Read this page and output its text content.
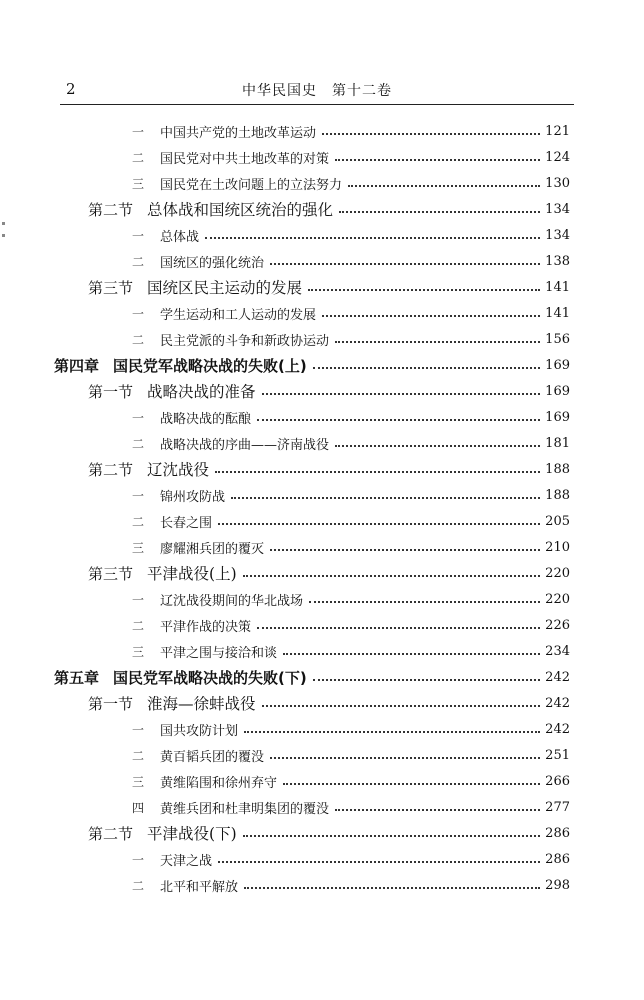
2	中华民国史　第十二卷
一 中国共产党的土地改革运动	121
二 国民党对中共土地改革的对策	124
三 国民党在土改问题上的立法努力	130
第二节 总体战和国统区统治的强化	134
一 总体战	134
二 国统区的强化统治	138
第三节 国统区民主运动的发展	141
一 学生运动和工人运动的发展	141
二 民主党派的斗争和新政协运动	156
第四章 国民党军战略决战的失败(上)	169
第一节 战略决战的准备	169
一 战略决战的酝酿	169
二 战略决战的序曲——济南战役	181
第二节 辽沈战役	188
一 锦州攻防战	188
二 长春之围	205
三 廖耀湘兵团的覆灭	210
第三节 平津战役(上)	220
一 辽沈战役期间的华北战场	220
二 平津作战的决策	226
三 平津之围与接洽和谈	234
第五章 国民党军战略决战的失败(下)	242
第一节 淮海—徐蚌战役	242
一 国共攻防计划	242
二 黄百韬兵团的覆没	251
三 黄维陷围和徐州弃守	266
四 黄维兵团和杜聿明集团的覆没	277
第二节 平津战役(下)	286
一 天津之战	286
二 北平和平解放	298
